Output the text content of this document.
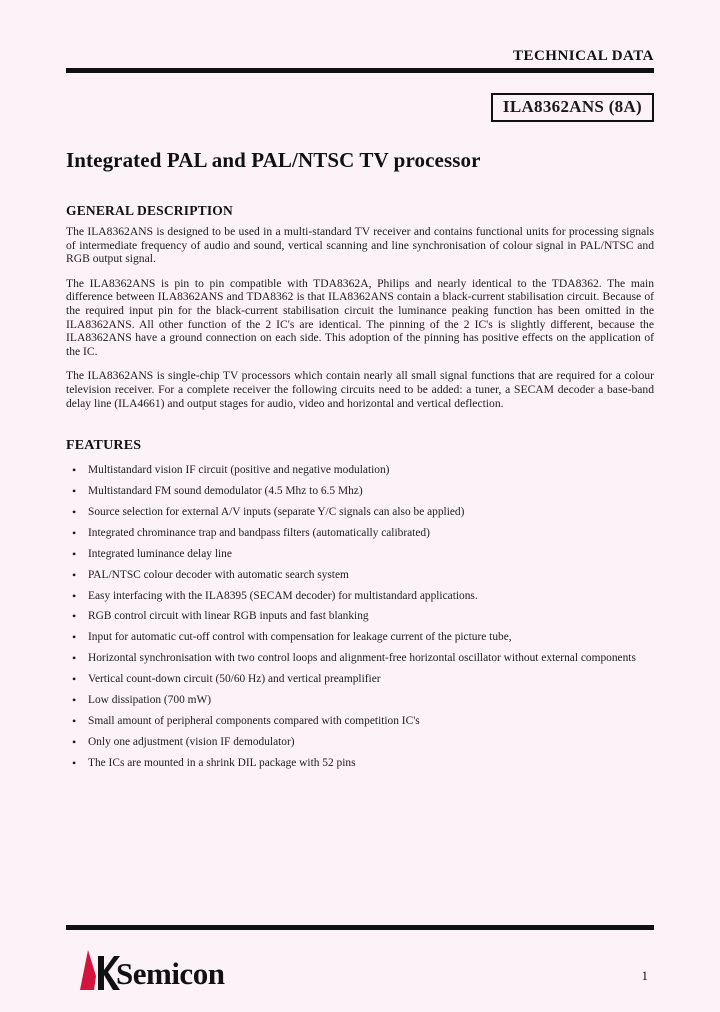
TECHNICAL DATA
ILA8362ANS (8A)
Integrated PAL and PAL/NTSC TV processor
GENERAL DESCRIPTION

The ILA8362ANS is designed to be used in a multi-standard TV receiver and contains functional units for processing signals of intermediate frequency of audio and sound, vertical scanning and line synchronisation of colour signal in PAL/NTSC and RGB output signal.

The ILA8362ANS is pin to pin compatible with TDA8362A, Philips and nearly identical to the TDA8362. The main difference between ILA8362ANS and TDA8362 is that ILA8362ANS contain a black-current stabilisation circuit. Because of the required input pin for the black-current stabilisation circuit the luminance peaking function has been omitted in the ILA8362ANS. All other function of the 2 IC's are identical. The pinning of the 2 IC's is slightly different, because the ILA8362ANS have a ground connection on each side. This adoption of the pinning has positive effects on the application of the IC.

The ILA8362ANS is single-chip TV processors which contain nearly all small signal functions that are required for a colour television receiver. For a complete receiver the following circuits need to be added: a tuner, a SECAM decoder a base-band delay line (ILA4661) and output stages for audio, video and horizontal and vertical deflection.

FEATURES
• Multistandard vision IF circuit (positive and negative modulation)
• Multistandard FM sound demodulator (4.5 Mhz to 6.5 Mhz)
• Source selection for external A/V inputs (separate Y/C signals can also be applied)
• Integrated chrominance trap and bandpass filters (automatically calibrated)
• Integrated luminance delay line
• PAL/NTSC colour decoder with automatic search system
• Easy interfacing with the ILA8395 (SECAM decoder) for multistandard applications.
• RGB control circuit with linear RGB inputs and fast blanking
• Input for automatic cut-off control with compensation for leakage current of the picture tube,
• Horizontal synchronisation with two control loops and alignment-free horizontal oscillator without external components
• Vertical count-down circuit (50/60 Hz) and vertical preamplifier
• Low dissipation (700 mW)
• Small amount of peripheral components compared with competition IC's
• Only one adjustment (vision IF demodulator)
• The ICs are mounted in a shrink DIL package with 52 pins
Semicon	1
